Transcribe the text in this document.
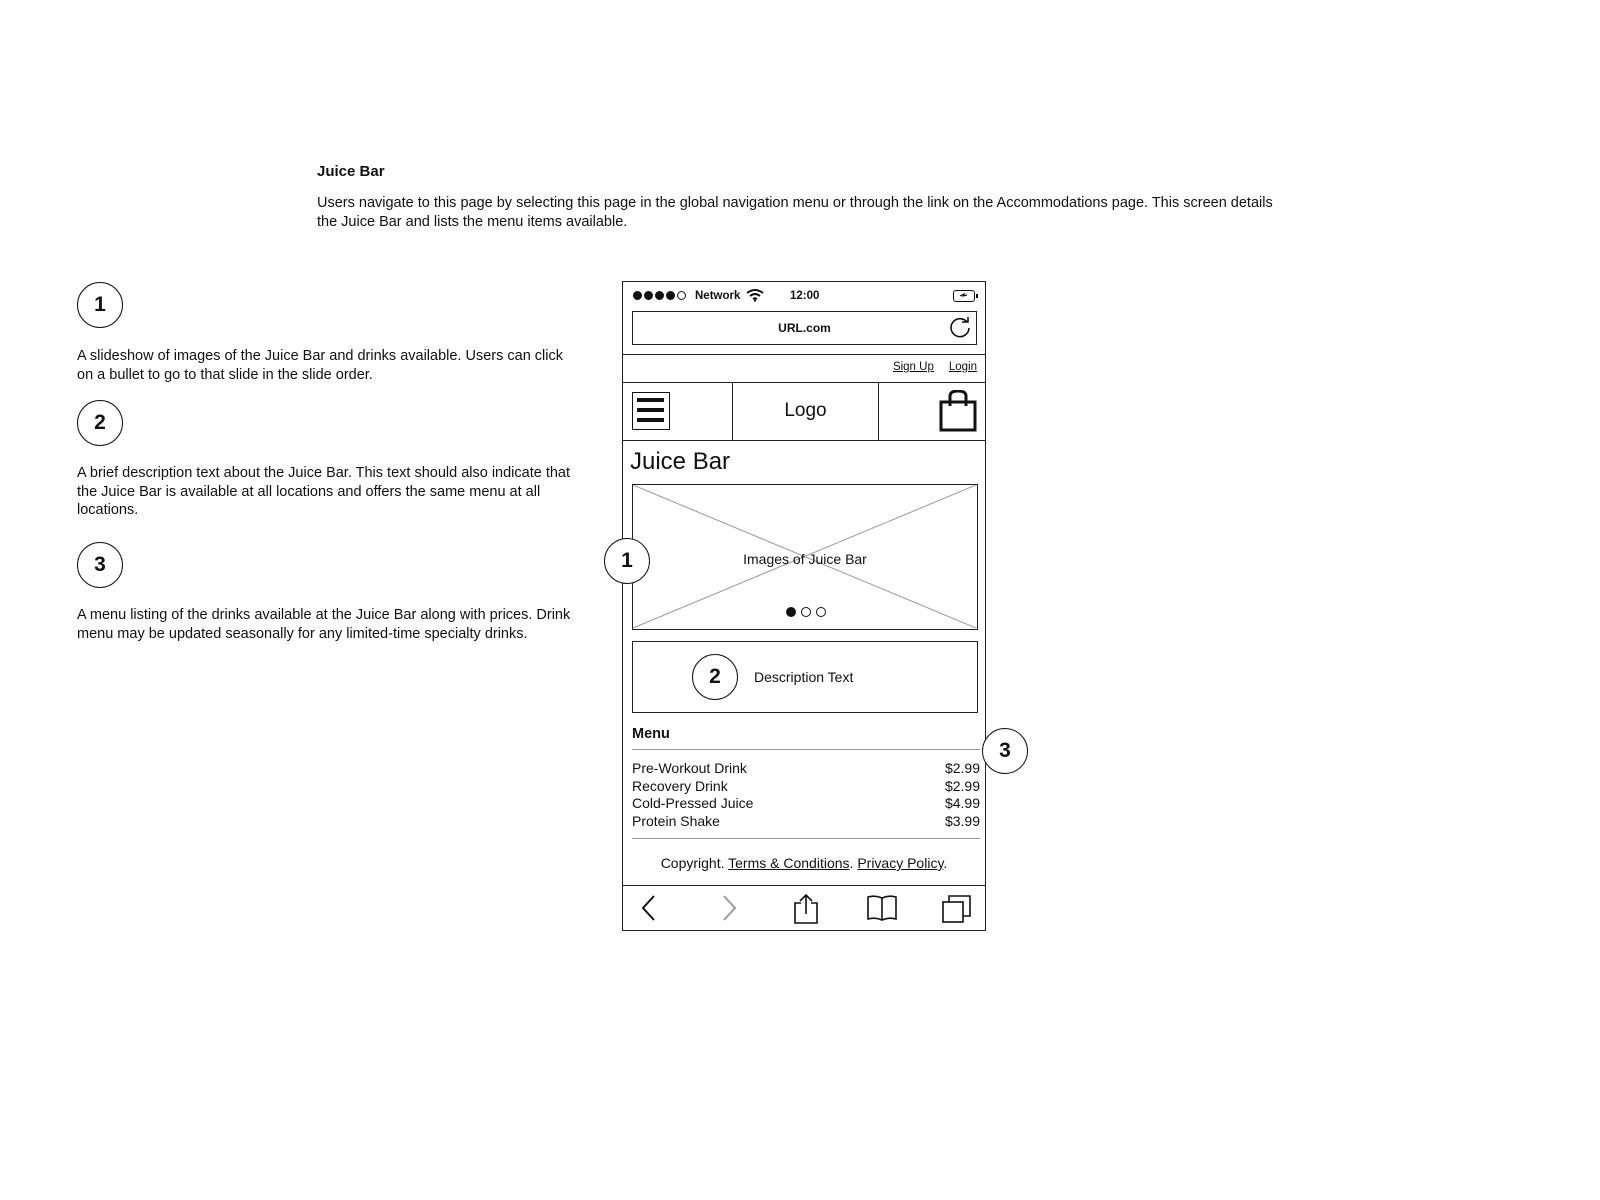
Juice Bar
Users navigate to this page by selecting this page in the global navigation menu or through the link on the Accommodations page. This screen details the Juice Bar and lists the menu items available.
1
A slideshow of images of the Juice Bar and drinks available. Users can click on a bullet to go to that slide in the slide order.
2
A brief description text about the Juice Bar. This text should also indicate that the Juice Bar is available at all locations and offers the same menu at all locations.
3
A menu listing of the drinks available at the Juice Bar along with prices. Drink menu may be updated seasonally for any limited-time specialty drinks.
Network	12:00
URL.com
Sign Up Login
Logo
Juice Bar
Images of Juice Bar
2	Description Text
Menu
Pre-Workout Drink	$2.99
Recovery Drink	$2.99
Cold-Pressed Juice	$4.99
Protein Shake	$3.99
Copyright. Terms & Conditions. Privacy Policy.
1
3
